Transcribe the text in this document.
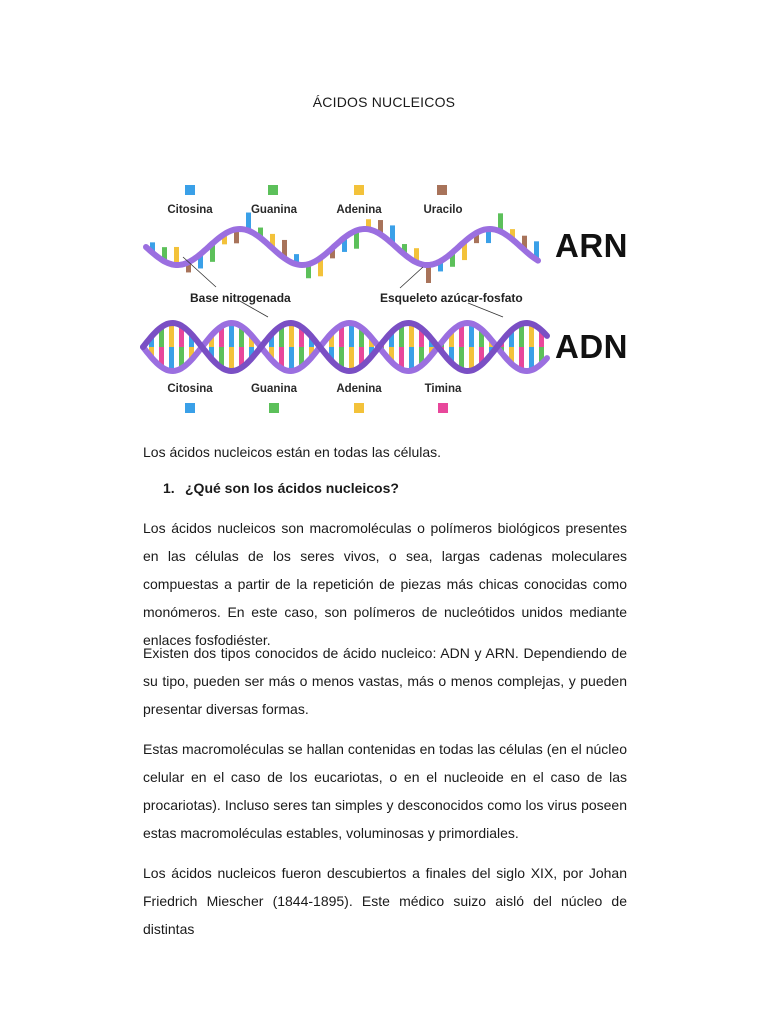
ÁCIDOS NUCLEICOS
Citosina	Guanina	Adenina	Uracilo
ARN
ADN
Base nitrogenada	Esqueleto azúcar-fosfato
Citosina	Guanina	Adenina	Timina
Los ácidos nucleicos están en todas las células.
1. ¿Qué son los ácidos nucleicos?
Los ácidos nucleicos son macromoléculas o polímeros biológicos presentes en las células de los seres vivos, o sea, largas cadenas moleculares compuestas a partir de la repetición de piezas más chicas conocidas como monómeros. En este caso, son polímeros de nucleótidos unidos mediante enlaces fosfodiéster.
Existen dos tipos conocidos de ácido nucleico: ADN y ARN. Dependiendo de su tipo, pueden ser más o menos vastas, más o menos complejas, y pueden presentar diversas formas.
Estas macromoléculas se hallan contenidas en todas las células (en el núcleo celular en el caso de los eucariotas, o en el nucleoide en el caso de las procariotas). Incluso seres tan simples y desconocidos como los virus poseen estas macromoléculas estables, voluminosas y primordiales.
Los ácidos nucleicos fueron descubiertos a finales del siglo XIX, por Johan Friedrich Miescher (1844-1895). Este médico suizo aisló del núcleo de distintas
